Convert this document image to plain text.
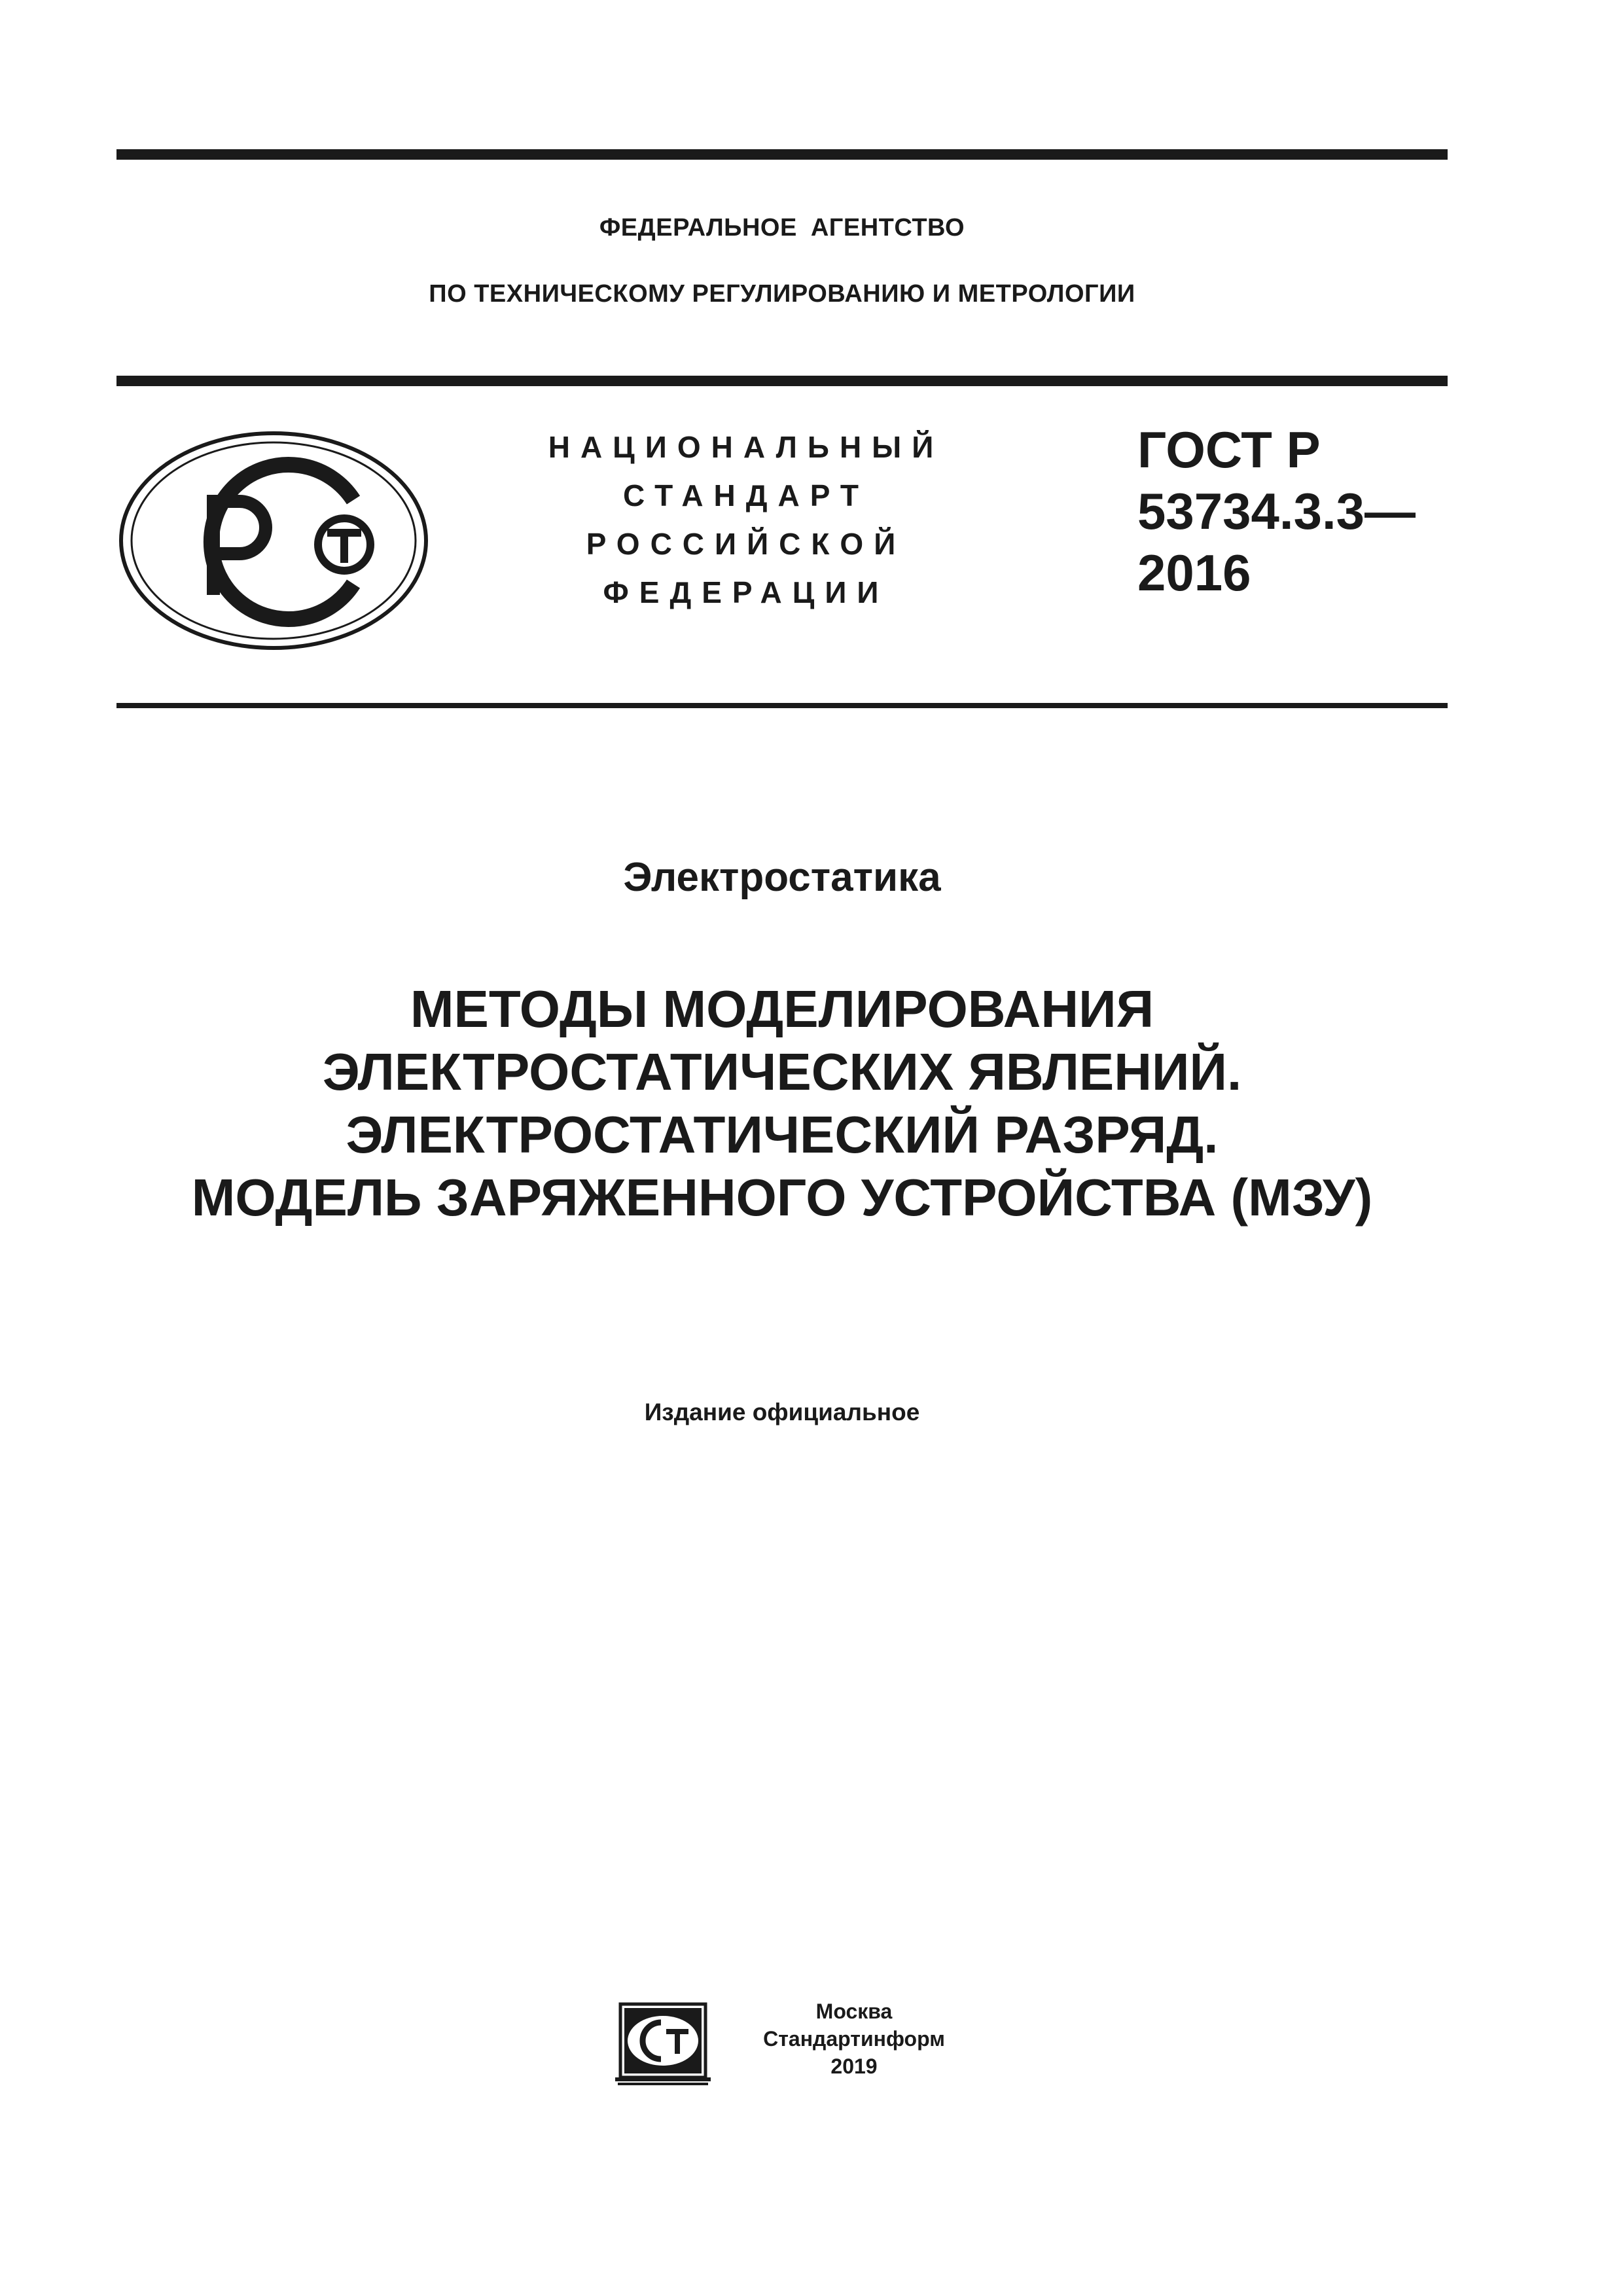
ФЕДЕРАЛЬНОЕ АГЕНТСТВО
ПО ТЕХНИЧЕСКОМУ РЕГУЛИРОВАНИЮ И МЕТРОЛОГИИ
НАЦИОНАЛЬНЫЙ
СТАНДАРТ
РОССИЙСКОЙ
ФЕДЕРАЦИИ
ГОСТ Р
53734.3.3—
2016
Электростатика
МЕТОДЫ МОДЕЛИРОВАНИЯ
ЭЛЕКТРОСТАТИЧЕСКИХ ЯВЛЕНИЙ.
ЭЛЕКТРОСТАТИЧЕСКИЙ РАЗРЯД.
МОДЕЛЬ ЗАРЯЖЕННОГО УСТРОЙСТВА (МЗУ)
Издание официальное
Москва
Стандартинформ
2019
